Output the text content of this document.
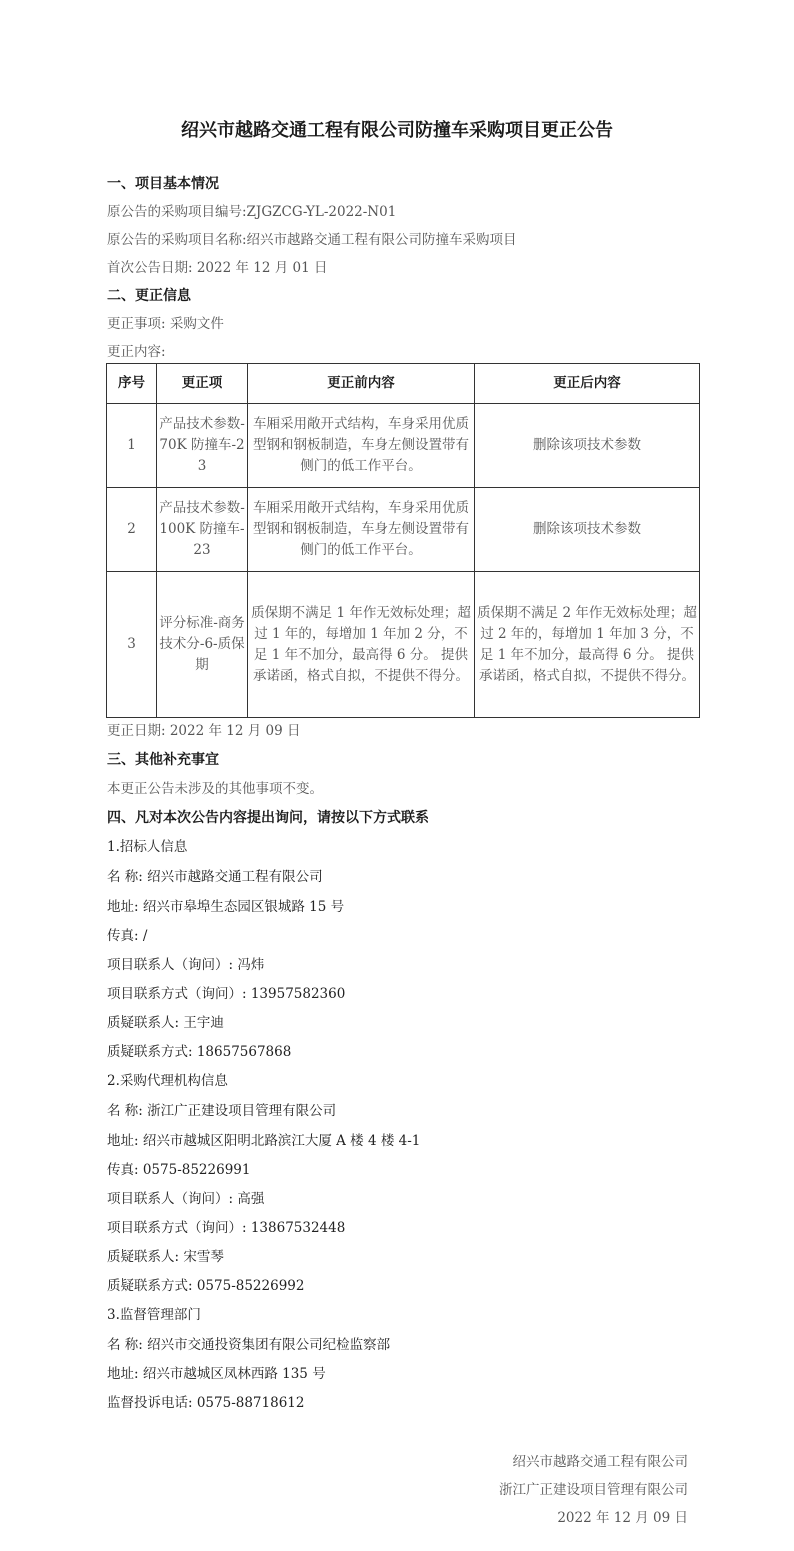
绍兴市越路交通工程有限公司防撞车采购项目更正公告
一、项目基本情况
原公告的采购项目编号:ZJGZCG-YL-2022-N01
原公告的采购项目名称:绍兴市越路交通工程有限公司防撞车采购项目
首次公告日期: 2022 年 12 月 01 日
二、更正信息
更正事项: 采购文件
更正内容:
序号	更正项	更正前内容	更正后内容
1	产品技术参数-70K 防撞车-23	车厢采用敞开式结构，车身采用优质型钢和钢板制造，车身左侧设置带有侧门的低工作平台。	删除该项技术参数
2	产品技术参数-100K 防撞车-23	车厢采用敞开式结构，车身采用优质型钢和钢板制造，车身左侧设置带有侧门的低工作平台。	删除该项技术参数
3	评分标准-商务技术分-6-质保期	质保期不满足 1 年作无效标处理；超过 1 年的，每增加 1 年加 2 分，不足 1 年不加分，最高得 6 分。 提供承诺函，格式自拟，不提供不得分。	质保期不满足 2 年作无效标处理；超过 2 年的，每增加 1 年加 3 分，不足 1 年不加分，最高得 6 分。 提供承诺函，格式自拟，不提供不得分。
更正日期: 2022 年 12 月 09 日
三、其他补充事宜
本更正公告未涉及的其他事项不变。
四、凡对本次公告内容提出询问，请按以下方式联系
1.招标人信息
名 称: 绍兴市越路交通工程有限公司
地址: 绍兴市皋埠生态园区银城路 15 号
传真: /
项目联系人（询问）: 冯炜
项目联系方式（询问）: 13957582360
质疑联系人: 王宇迪
质疑联系方式: 18657567868
2.采购代理机构信息
名 称: 浙江广正建设项目管理有限公司
地址: 绍兴市越城区阳明北路滨江大厦 A 楼 4 楼 4-1
传真: 0575-85226991
项目联系人（询问）: 高强
项目联系方式（询问）: 13867532448
质疑联系人: 宋雪琴
质疑联系方式: 0575-85226992
3.监督管理部门
名 称: 绍兴市交通投资集团有限公司纪检监察部
地址: 绍兴市越城区凤林西路 135 号
监督投诉电话: 0575-88718612
绍兴市越路交通工程有限公司
浙江广正建设项目管理有限公司
2022 年 12 月 09 日
